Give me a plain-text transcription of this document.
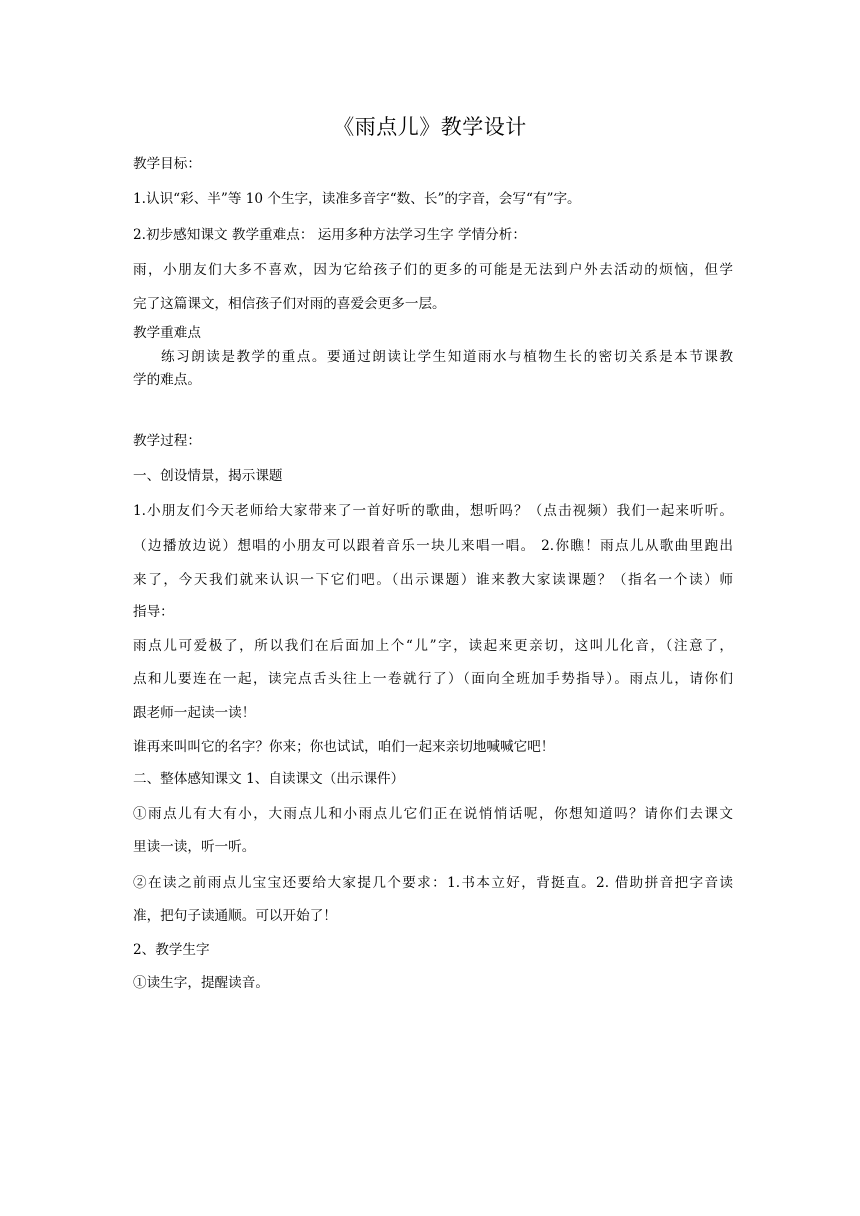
《雨点儿》教学设计
教学目标：
1.认识“彩、半”等 10 个生字，读准多音字“数、长”的字音，会写“有”字。
2.初步感知课文 教学重难点： 运用多种方法学习生字 学情分析：
雨，小朋友们大多不喜欢，因为它给孩子们的更多的可能是无法到户外去活动的烦恼，但学
完了这篇课文，相信孩子们对雨的喜爱会更多一层。
教学重难点
练习朗读是教学的重点。要通过朗读让学生知道雨水与植物生长的密切关系是本节课教
学的难点。
教学过程：
一、创设情景，揭示课题
1.小朋友们今天老师给大家带来了一首好听的歌曲，想听吗？（点击视频）我们一起来听听。
（边播放边说）想唱的小朋友可以跟着音乐一块儿来唱一唱。 2.你瞧！雨点儿从歌曲里跑出
来了，今天我们就来认识一下它们吧。（出示课题）谁来教大家读课题？（指名一个读）师
指导：
雨点儿可爱极了，所以我们在后面加上个“儿”字，读起来更亲切，这叫儿化音，（注意了，
点和儿要连在一起，读完点舌头往上一卷就行了）（面向全班加手势指导）。雨点儿，请你们
跟老师一起读一读！
谁再来叫叫它的名字？你来；你也试试，咱们一起来亲切地喊喊它吧！
二、整体感知课文 1、自读课文（出示课件）
①雨点儿有大有小，大雨点儿和小雨点儿它们正在说悄悄话呢，你想知道吗？请你们去课文
里读一读，听一听。
②在读之前雨点儿宝宝还要给大家提几个要求：1.书本立好，背挺直。2. 借助拼音把字音读
准，把句子读通顺。可以开始了！
2、教学生字
①读生字，提醒读音。
